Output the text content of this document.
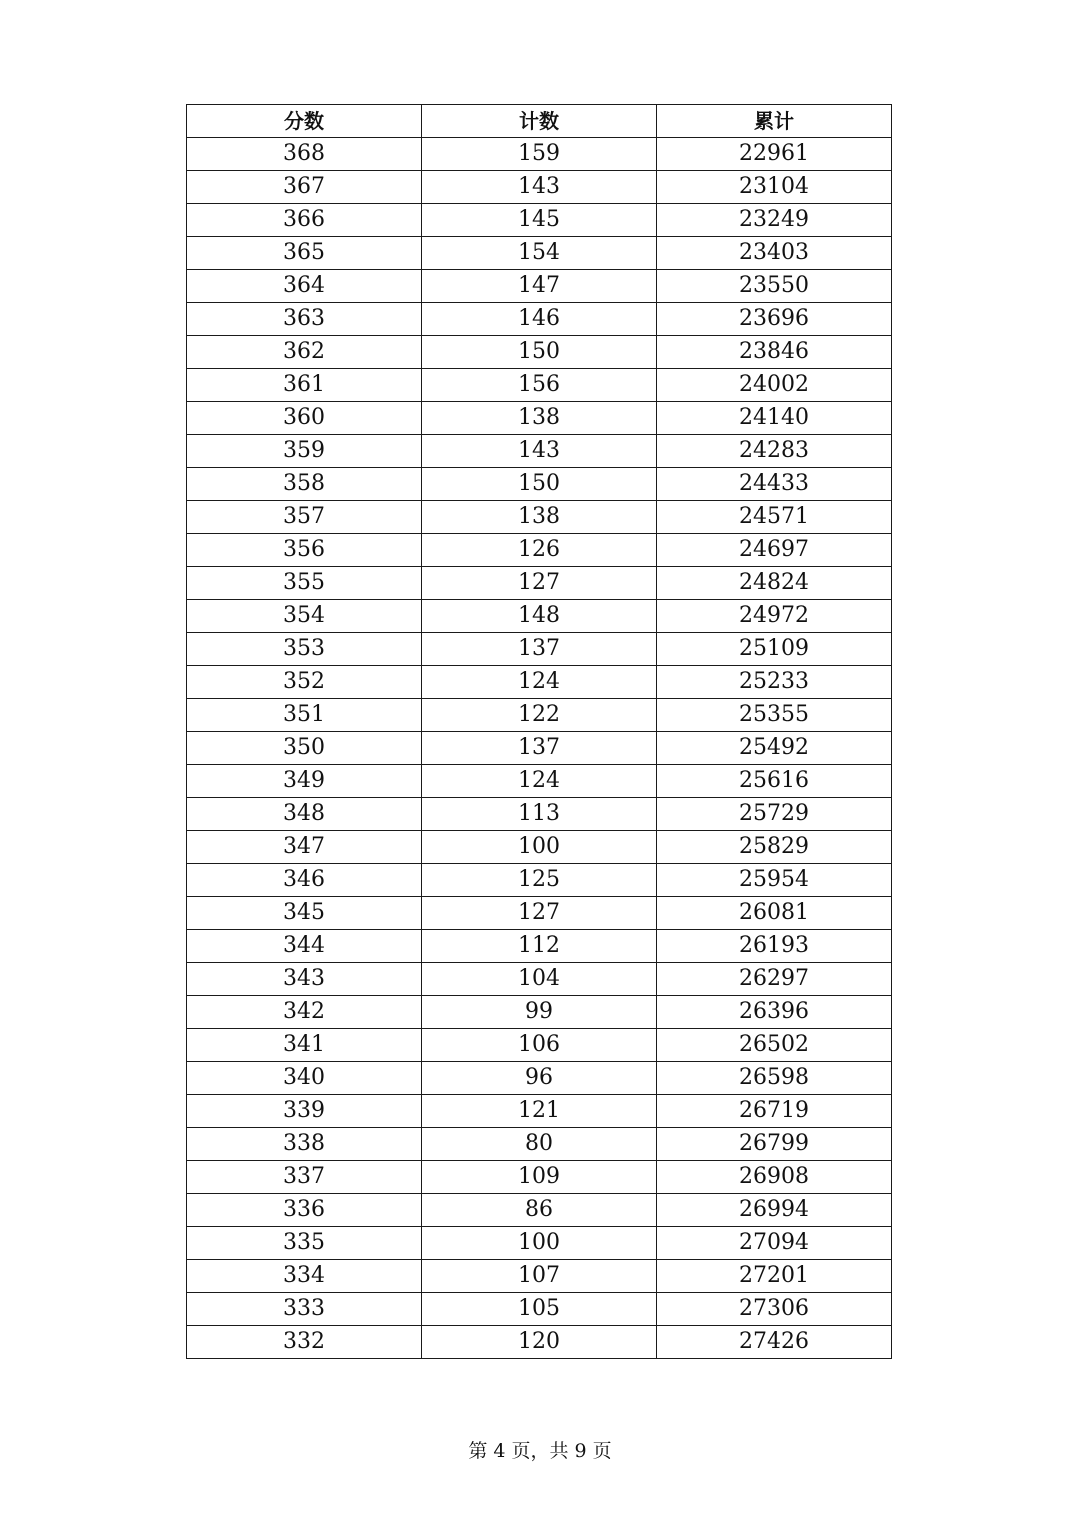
分数	计数	累计
368	159	22961
367	143	23104
366	145	23249
365	154	23403
364	147	23550
363	146	23696
362	150	23846
361	156	24002
360	138	24140
359	143	24283
358	150	24433
357	138	24571
356	126	24697
355	127	24824
354	148	24972
353	137	25109
352	124	25233
351	122	25355
350	137	25492
349	124	25616
348	113	25729
347	100	25829
346	125	25954
345	127	26081
344	112	26193
343	104	26297
342	99	26396
341	106	26502
340	96	26598
339	121	26719
338	80	26799
337	109	26908
336	86	26994
335	100	27094
334	107	27201
333	105	27306
332	120	27426
第 4 页，共 9 页
